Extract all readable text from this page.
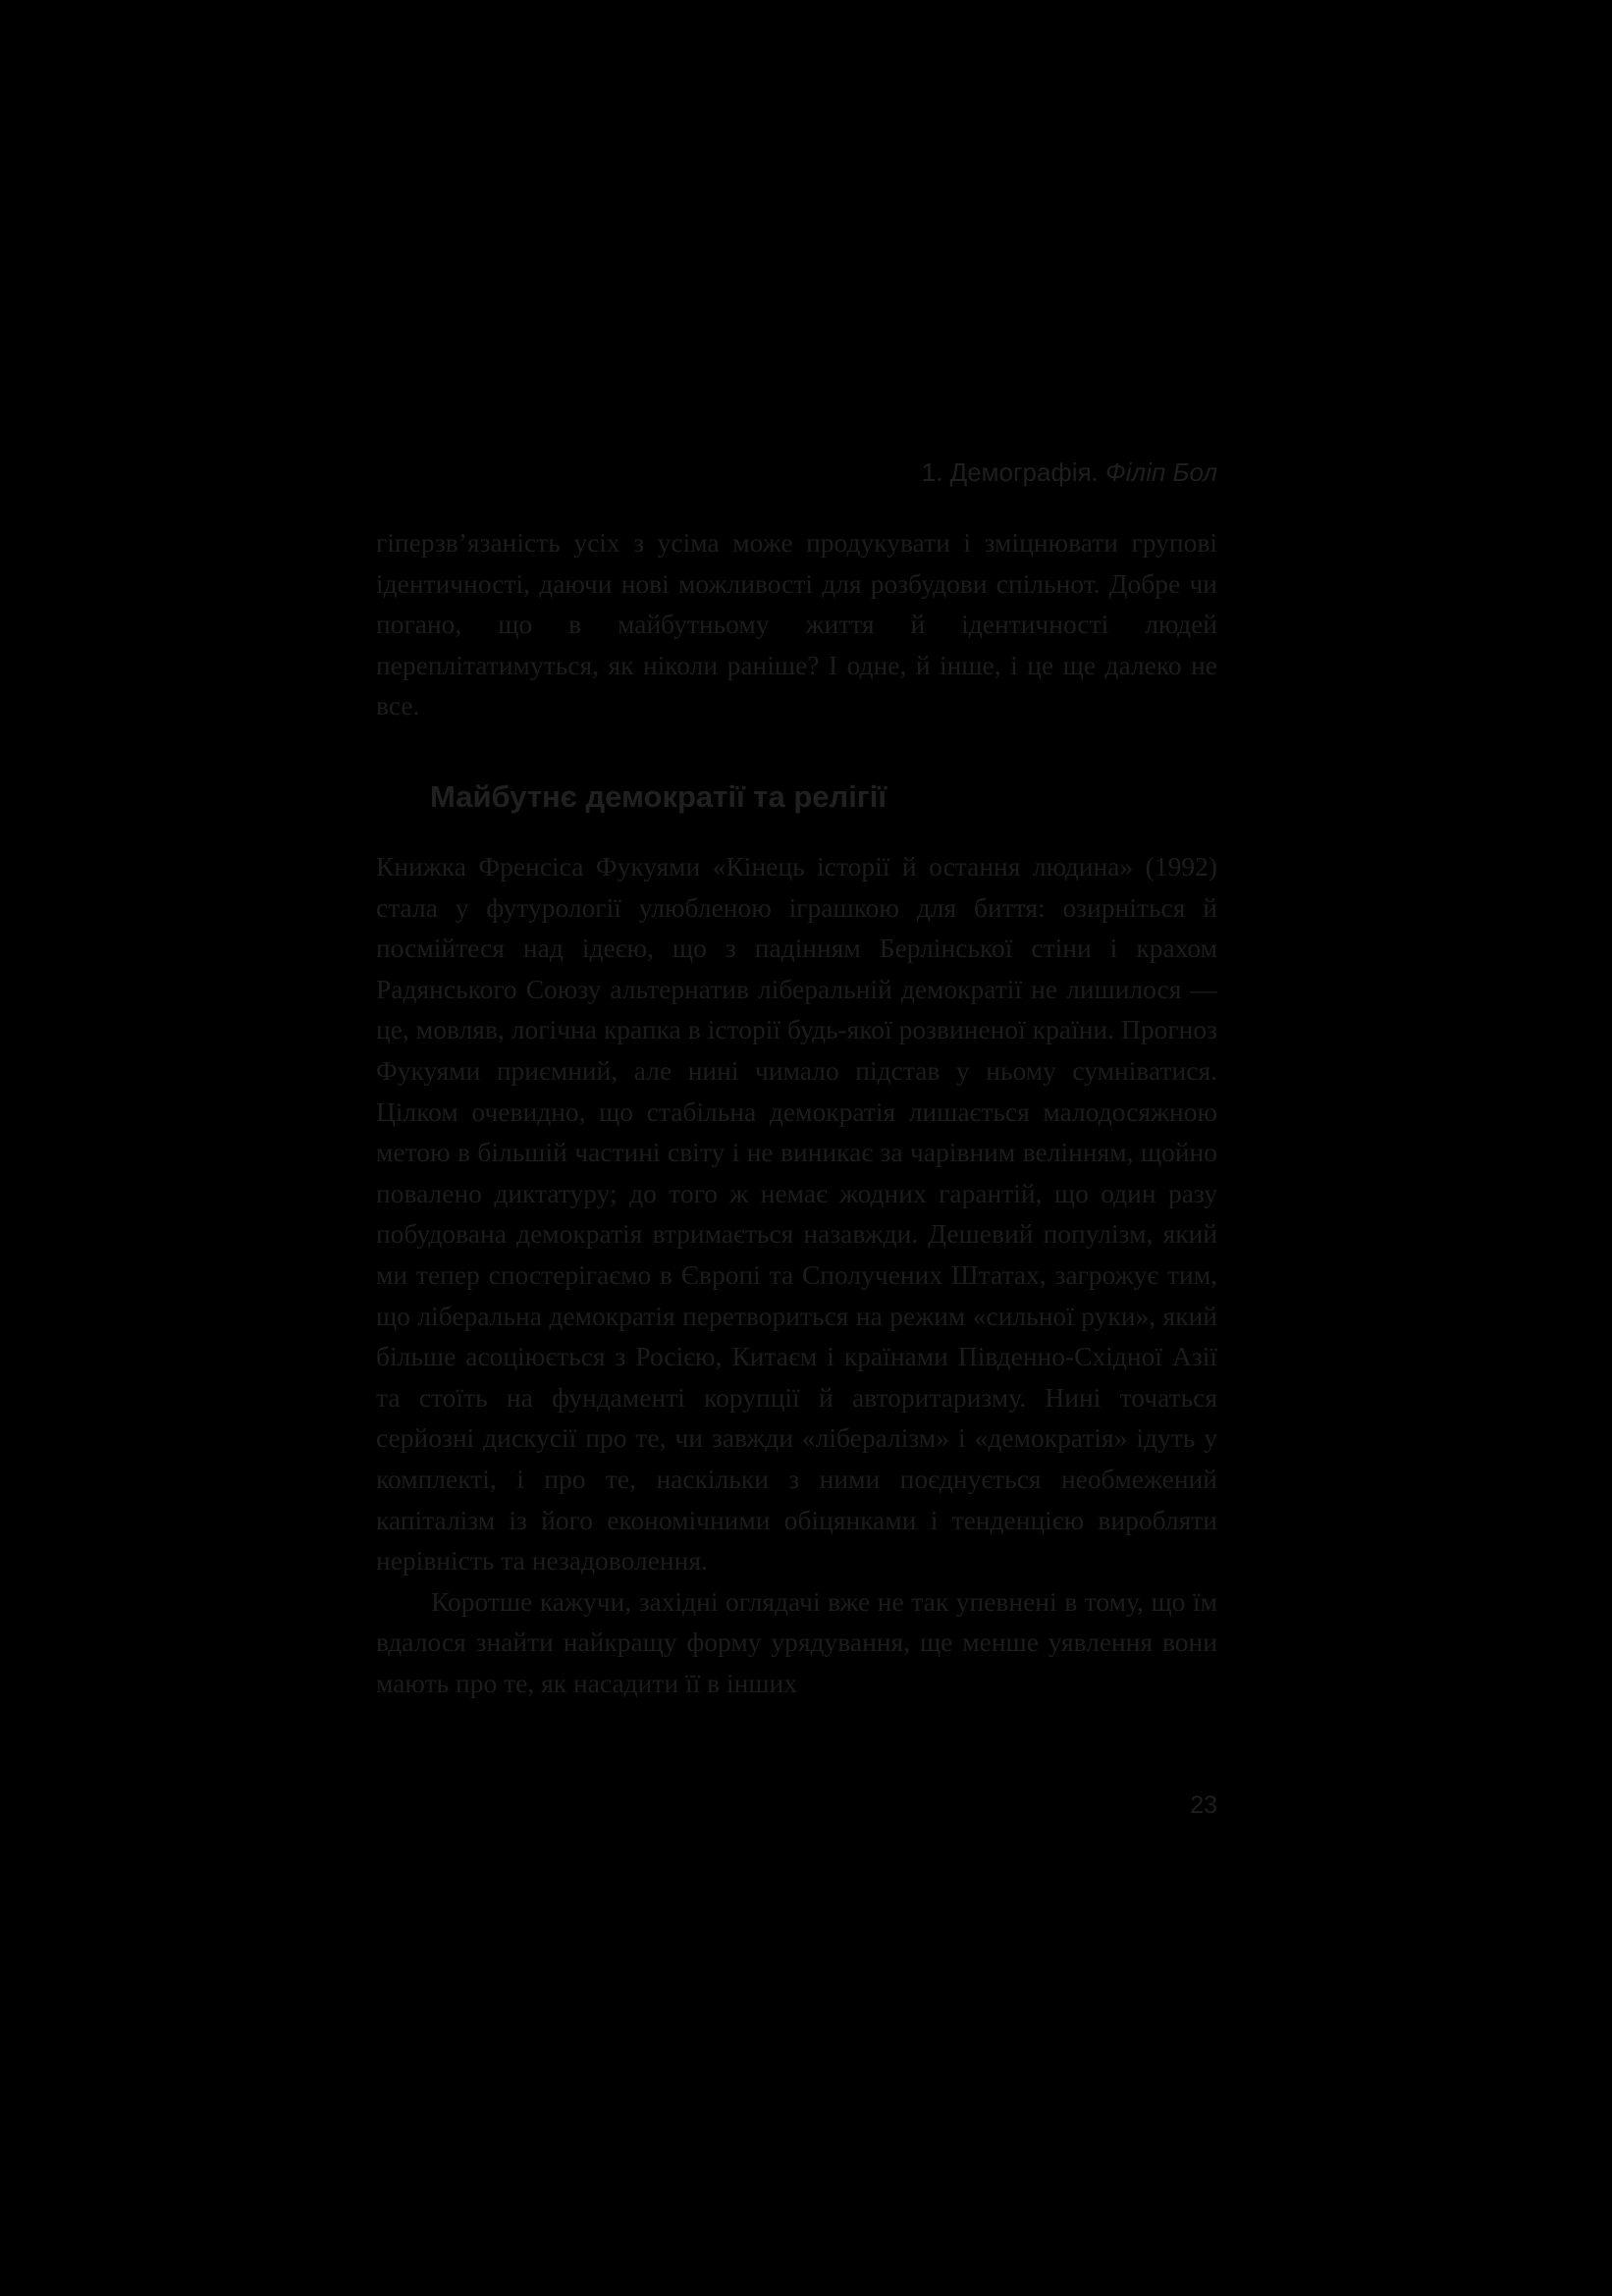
1. Демографія. Філіп Бол

гіперзв’язаність усіх з усіма може продукувати і зміцнювати групові ідентичності, даючи нові можливості для розбудови спільнот. Добре чи погано, що в майбутньому життя й ідентичності людей переплітатимуться, як ніколи раніше? І одне, й інше, і це ще далеко не все.

Майбутнє демократії та релігії

Книжка Френсіса Фукуями «Кінець історії й остання людина» (1992) стала у футурології улюбленою іграшкою для биття: озирніться й посмійтеся над ідеєю, що з падінням Берлінської стіни і крахом Радянського Союзу альтернатив ліберальній демократії не лишилося — це, мовляв, логічна крапка в історії будь-якої розвиненої країни. Прогноз Фукуями приємний, але нині чимало підстав у ньому сумніватися. Цілком очевидно, що стабільна демократія лишається малодосяжною метою в більшій частині світу і не виникає за чарівним велінням, щойно повалено диктатуру; до того ж немає жодних гарантій, що один разу побудована демократія втримається назавжди. Дешевий популізм, який ми тепер спостерігаємо в Європі та Сполучених Штатах, загрожує тим, що ліберальна демократія перетвориться на режим «сильної руки», який більше асоціюється з Росією, Китаєм і країнами Південно-Східної Азії та стоїть на фундаменті корупції й авторитаризму. Нині точаться серйозні дискусії про те, чи завжди «лібералізм» і «демократія» ідуть у комплекті, і про те, наскільки з ними поєднується необмежений капіталізм із його економічними обіцянками і тенденцією виробляти нерівність та незадоволення.

Коротше кажучи, західні оглядачі вже не так упевнені в тому, що їм вдалося знайти найкращу форму урядування, ще менше уявлення вони мають про те, як насадити її в інших

23
